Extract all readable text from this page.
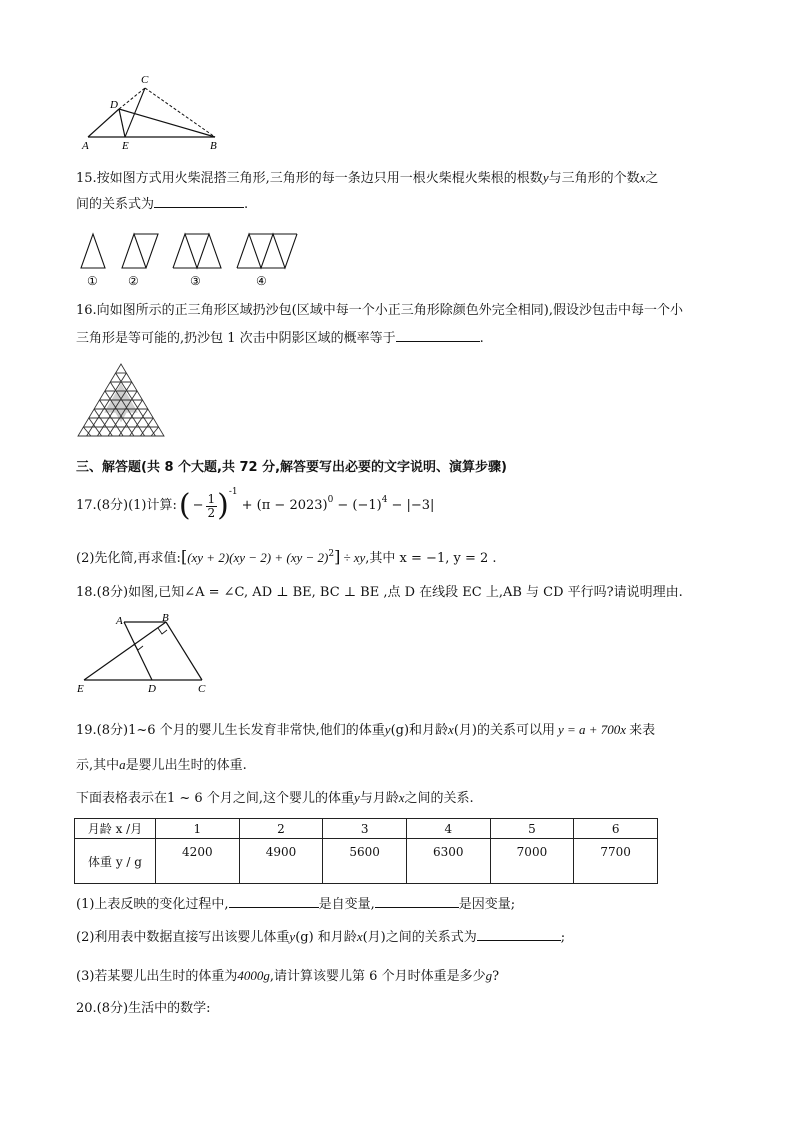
C
D
A	E	B
15.按如图方式用火柴混搭三角形,三角形的每一条边只用一根火柴棍火柴根的根数y与三角形的个数x之
间的关系式为	.
①	②	③	④
16.向如图所示的正三角形区域扔沙包(区域中每一个小正三角形除颜色外完全相同),假设沙包击中每一个小
三角形是等可能的,扔沙包 1 次击中阴影区域的概率等于	.
三、解答题(共 8 个大题,共 72 分,解答要写出必要的文字说明、演算步骤)
17.(8分)(1)计算: ( − $\frac{1}{2}$ ) -1
+ (π − 2023) 0 − (−1) 4 − |−3|
(2)先化简,再求值:[(xy + 2)(xy − 2) + (xy − 2)$^2$] ÷ xy,其中 x = −1, y = 2 .
18.(8分)如图,已知∠A = ∠C, AD ⊥ BE, BC ⊥ BE ,点 D 在线段 EC 上,AB 与 CD 平行吗?请说明理由.
A	B
E	D	C
19.(8分)1~6 个月的婴儿生长发育非常快,他们的体重y(g)和月龄x(月)的关系可以用 y = a + 700x 来表
示,其中a是婴儿出生时的体重.
下面表格表示在1 ~ 6 个月之间,这个婴儿的体重y与月龄x之间的关系.
月龄 x /月	1	2	3	4	5	6
体重 y / g	4200	4900	5600	6300	7000	7700
(1)上表反映的变化过程中,	是自变量,	是因变量;
(2)利用表中数据直接写出该婴儿体重y(g) 和月龄x(月)之间的关系式为	;
(3)若某婴儿出生时的体重为4000g,请计算该婴儿第 6 个月时体重是多少g?
20.(8分)生活中的数学:
